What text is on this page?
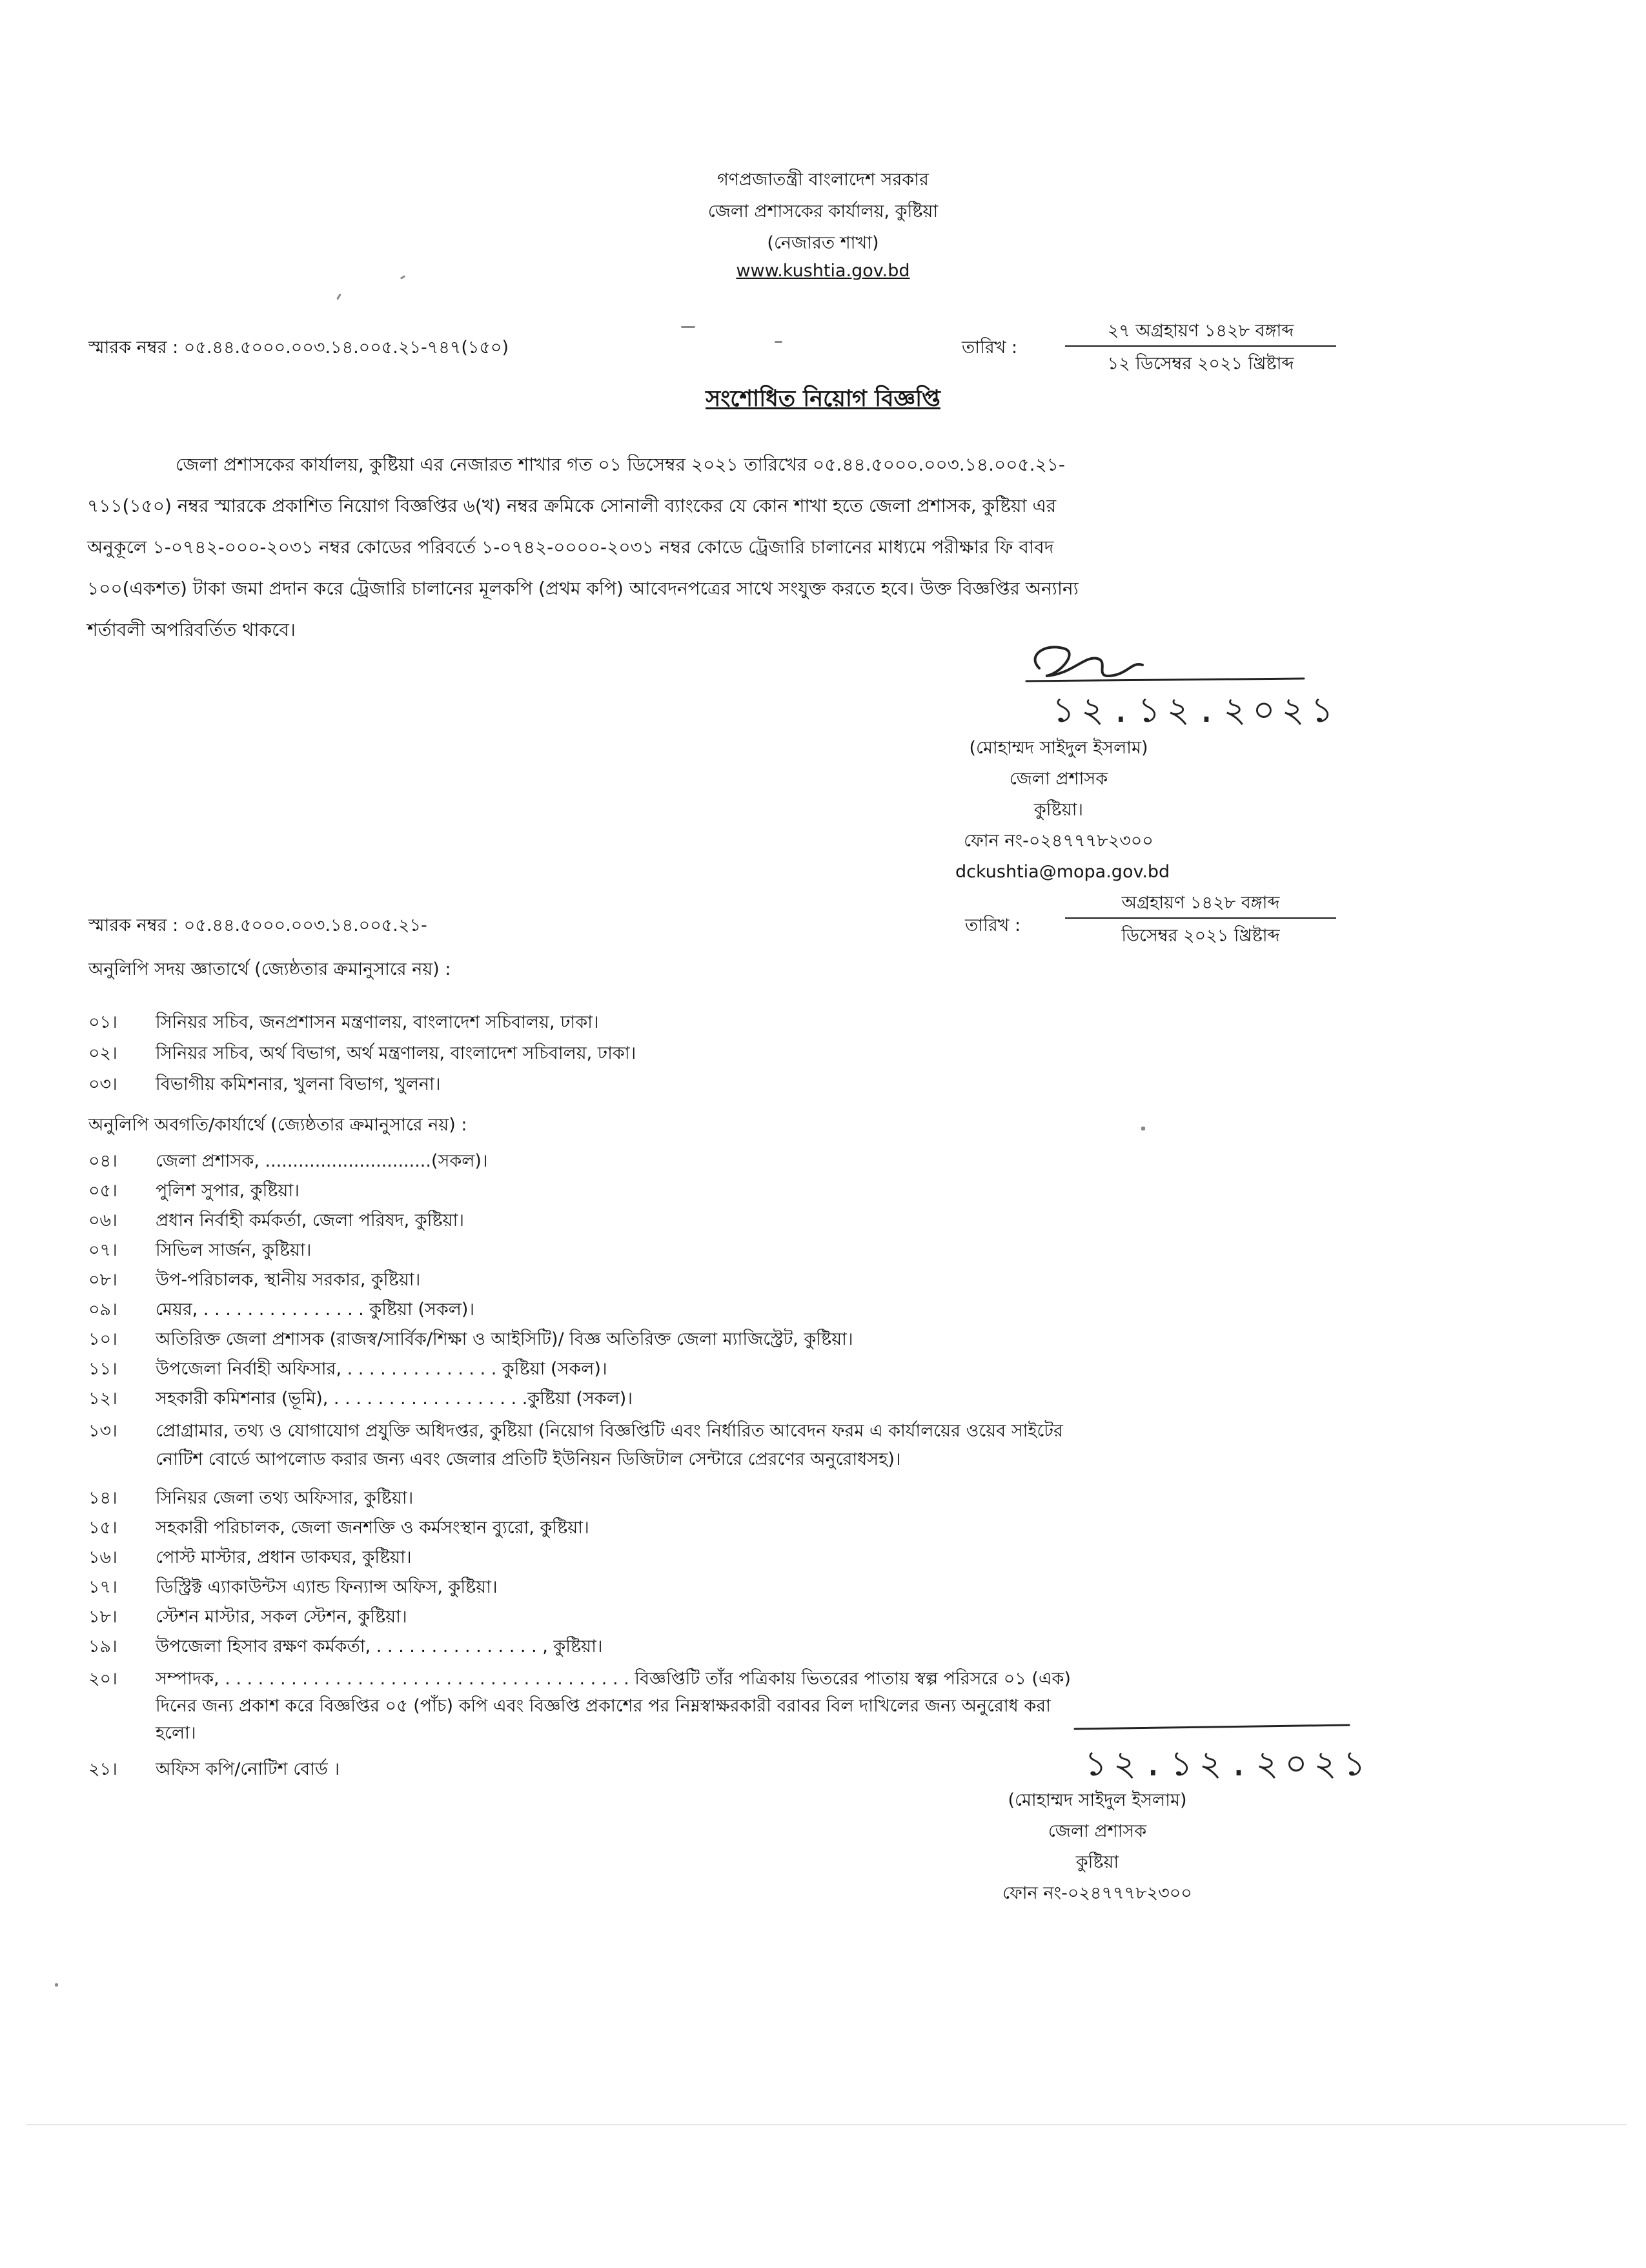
গণপ্রজাতন্ত্রী বাংলাদেশ সরকার
জেলা প্রশাসকের কার্যালয়, কুষ্টিয়া
(নেজারত শাখা)
www.kushtia.gov.bd
স্মারক নম্বর : ০৫.৪৪.৫০০০.০০৩.১৪.০০৫.২১-৭৪৭(১৫০)	তারিখ :
২৭ অগ্রহায়ণ ১৪২৮ বঙ্গাব্দ
১২ ডিসেম্বর ২০২১ খ্রিষ্টাব্দ
সংশোধিত নিয়োগ বিজ্ঞপ্তি
জেলা প্রশাসকের কার্যালয়, কুষ্টিয়া এর নেজারত শাখার গত ০১ ডিসেম্বর ২০২১ তারিখের ০৫.৪৪.৫০০০.০০৩.১৪.০০৫.২১-
৭১১(১৫০) নম্বর স্মারকে প্রকাশিত নিয়োগ বিজ্ঞপ্তির ৬(খ) নম্বর ক্রমিকে সোনালী ব্যাংকের যে কোন শাখা হতে জেলা প্রশাসক, কুষ্টিয়া এর
অনুকূলে ১-০৭৪২-০০০-২০৩১ নম্বর কোডের পরিবর্তে ১-০৭৪২-০০০০-২০৩১ নম্বর কোডে ট্রেজারি চালানের মাধ্যমে পরীক্ষার ফি বাবদ
১০০(একশত) টাকা জমা প্রদান করে ট্রেজারি চালানের মূলকপি (প্রথম কপি) আবেদনপত্রের সাথে সংযুক্ত করতে হবে। উক্ত বিজ্ঞপ্তির অন্যান্য
শর্তাবলী অপরিবর্তিত থাকবে।
১২.১২.২০২১
(মোহাম্মদ সাইদুল ইসলাম)
জেলা প্রশাসক
কুষ্টিয়া।
ফোন নং-০২৪৭৭৭৮২৩০০
dckushtia@mopa.gov.bd
স্মারক নম্বর : ০৫.৪৪.৫০০০.০০৩.১৪.০০৫.২১-	তারিখ :
অগ্রহায়ণ ১৪২৮ বঙ্গাব্দ
ডিসেম্বর ২০২১ খ্রিষ্টাব্দ
অনুলিপি সদয় জ্ঞাতার্থে (জ্যেষ্ঠতার ক্রমানুসারে নয়) :
০১।	সিনিয়র সচিব, জনপ্রশাসন মন্ত্রণালয়, বাংলাদেশ সচিবালয়, ঢাকা।
০২।	সিনিয়র সচিব, অর্থ বিভাগ, অর্থ মন্ত্রণালয়, বাংলাদেশ সচিবালয়, ঢাকা।
০৩।	বিভাগীয় কমিশনার, খুলনা বিভাগ, খুলনা।
অনুলিপি অবগতি/কার্যার্থে (জ্যেষ্ঠতার ক্রমানুসারে নয়) :
০৪।	জেলা প্রশাসক, ..............................(সকল)।
০৫।	পুলিশ সুপার, কুষ্টিয়া।
০৬।	প্রধান নির্বাহী কর্মকর্তা, জেলা পরিষদ, কুষ্টিয়া।
০৭।	সিভিল সার্জন, কুষ্টিয়া।
০৮।	উপ-পরিচালক, স্থানীয় সরকার, কুষ্টিয়া।
০৯।	মেয়র, . . . . . . . . . . . . . . . কুষ্টিয়া (সকল)।
১০।	অতিরিক্ত জেলা প্রশাসক (রাজস্ব/সার্বিক/শিক্ষা ও আইসিটি)/ বিজ্ঞ অতিরিক্ত জেলা ম্যাজিস্ট্রেট, কুষ্টিয়া।
১১।	উপজেলা নির্বাহী অফিসার, . . . . . . . . . . . . . . কুষ্টিয়া (সকল)।
১২।	সহকারী কমিশনার (ভূমি), . . . . . . . . . . . . . . . . . .কুষ্টিয়া (সকল)।
১৩।	প্রোগ্রামার, তথ্য ও যোগাযোগ প্রযুক্তি অধিদপ্তর, কুষ্টিয়া (নিয়োগ বিজ্ঞপ্তিটি এবং নির্ধারিত আবেদন ফরম এ কার্যালয়ের ওয়েব সাইটের
নোটিশ বোর্ডে আপলোড করার জন্য এবং জেলার প্রতিটি ইউনিয়ন ডিজিটাল সেন্টারে প্রেরণের অনুরোধসহ)।
১৪।	সিনিয়র জেলা তথ্য অফিসার, কুষ্টিয়া।
১৫।	সহকারী পরিচালক, জেলা জনশক্তি ও কর্মসংস্থান ব্যুরো, কুষ্টিয়া।
১৬।	পোস্ট মাস্টার, প্রধান ডাকঘর, কুষ্টিয়া।
১৭।	ডিস্ট্রিক্ট এ্যাকাউন্টস এ্যান্ড ফিন্যান্স অফিস, কুষ্টিয়া।
১৮।	স্টেশন মাস্টার, সকল স্টেশন, কুষ্টিয়া।
১৯।	উপজেলা হিসাব রক্ষণ কর্মকর্তা, . . . . . . . . . . . . . . . , কুষ্টিয়া।
২০।	সম্পাদক, . . . . . . . . . . . . . . . . . . . . . . . . . . . . . . . . . . . . . বিজ্ঞপ্তিটি তাঁর পত্রিকায় ভিতরের পাতায় স্বল্প পরিসরে ০১ (এক)
দিনের জন্য প্রকাশ করে বিজ্ঞপ্তির ০৫ (পাঁচ) কপি এবং বিজ্ঞপ্তি প্রকাশের পর নিম্নস্বাক্ষরকারী বরাবর বিল দাখিলের জন্য অনুরোধ করা
হলো।
২১।	অফিস কপি/নোটিশ বোর্ড ।	১২.১২.২০২১
(মোহাম্মদ সাইদুল ইসলাম)
জেলা প্রশাসক
কুষ্টিয়া
ফোন নং-০২৪৭৭৭৮২৩০০
